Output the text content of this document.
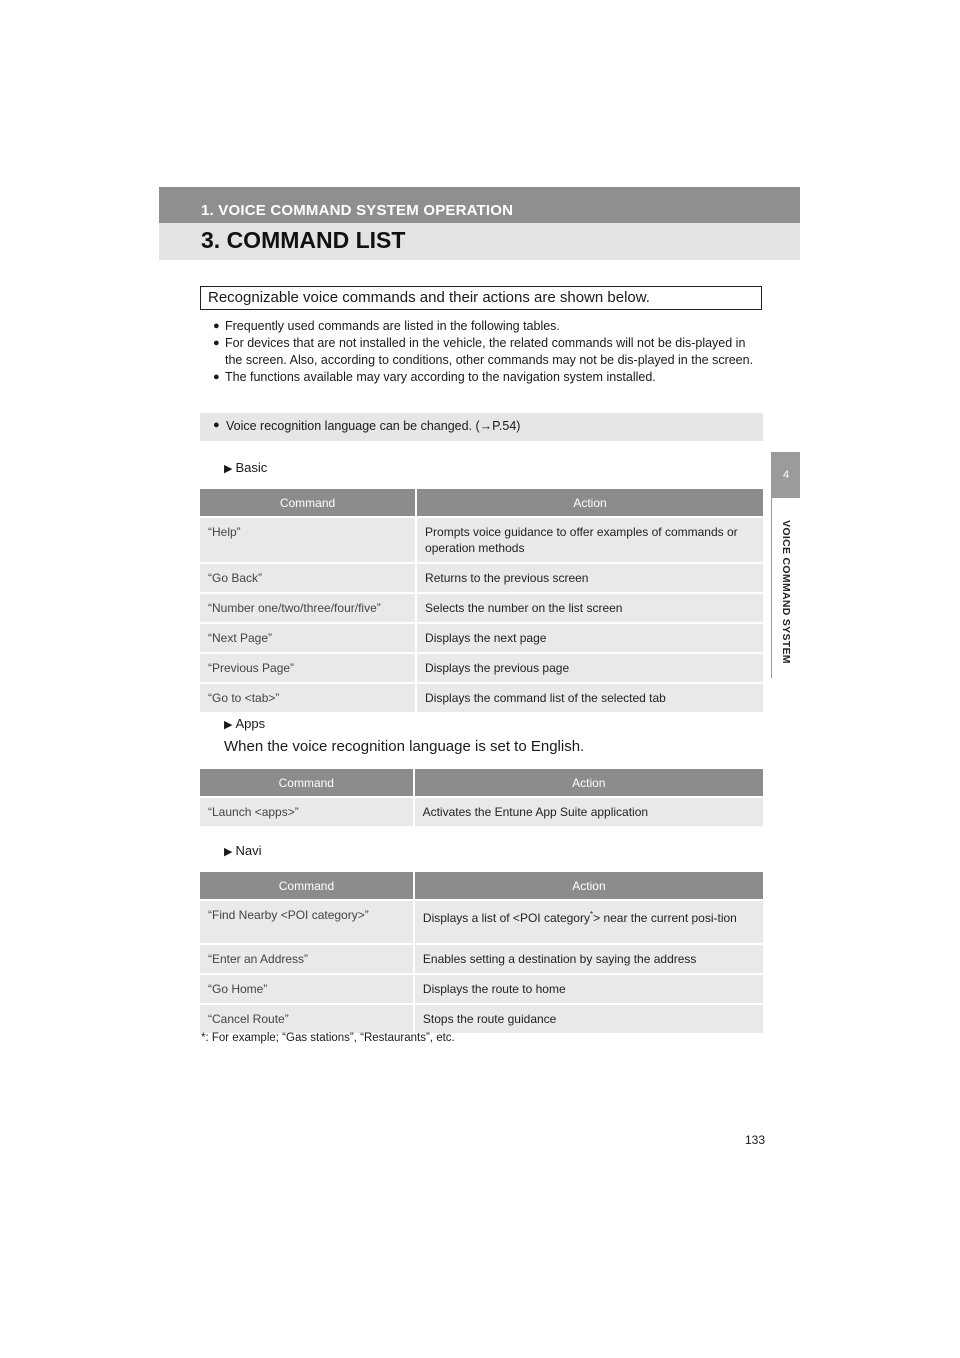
1. VOICE COMMAND SYSTEM OPERATION
3. COMMAND LIST
4
VOICE COMMAND SYSTEM
Recognizable voice commands and their actions are shown below.
● Frequently used commands are listed in the following tables.
● For devices that are not installed in the vehicle, the related commands will not be dis-played in the screen. Also, according to conditions, other commands may not be dis-played in the screen.
● The functions available may vary according to the navigation system installed.
● Voice recognition language can be changed. (→P.54)
▶ Basic
Command	Action
“Help”	Prompts voice guidance to offer examples of commands or operation methods
“Go Back”	Returns to the previous screen
“Number one/two/three/four/five”	Selects the number on the list screen
“Next Page”	Displays the next page
“Previous Page”	Displays the previous page
“Go to <tab>”	Displays the command list of the selected tab
▶ Apps
When the voice recognition language is set to English.
Command	Action
“Launch <apps>”	Activates the Entune App Suite application
▶ Navi
Command	Action
“Find Nearby <POI category>”	Displays a list of <POI category*> near the current posi-tion
“Enter an Address”	Enables setting a destination by saying the address
“Go Home”	Displays the route to home
“Cancel Route”	Stops the route guidance
*: For example; “Gas stations”, “Restaurants”, etc.
133
